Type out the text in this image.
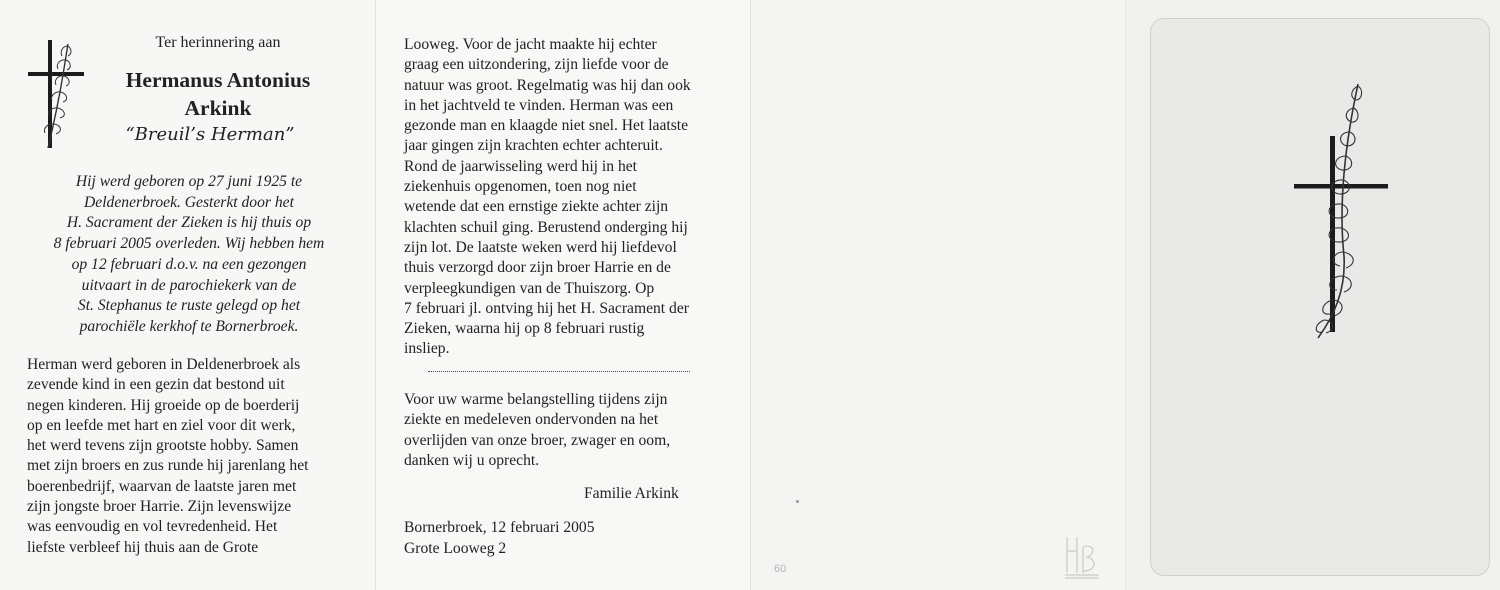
Ter herinnering aan
Hermanus Antonius
Arkink
“Breuil’s Herman”

Hij werd geboren op 27 juni 1925 te

Deldenerbroek. Gesterkt door het

H. Sacrament der Zieken is hij thuis op

8 februari 2005 overleden. Wij hebben hem

op 12 februari d.o.v. na een gezongen

uitvaart in de parochiekerk van de

St. Stephanus te ruste gelegd op het

parochiële kerkhof te Bornerbroek.

Herman werd geboren in Deldenerbroek als

zevende kind in een gezin dat bestond uit

negen kinderen. Hij groeide op de boerderij

op en leefde met hart en ziel voor dit werk,

het werd tevens zijn grootste hobby. Samen

met zijn broers en zus runde hij jarenlang het

boerenbedrijf, waarvan de laatste jaren met

zijn jongste broer Harrie. Zijn levenswijze

was eenvoudig en vol tevredenheid. Het

liefste verbleef hij thuis aan de Grote

Looweg. Voor de jacht maakte hij echter

graag een uitzondering, zijn liefde voor de

natuur was groot. Regelmatig was hij dan ook

in het jachtveld te vinden. Herman was een

gezonde man en klaagde niet snel. Het laatste

jaar gingen zijn krachten echter achteruit.

Rond de jaarwisseling werd hij in het

ziekenhuis opgenomen, toen nog niet

wetende dat een ernstige ziekte achter zijn

klachten schuil ging. Berustend onderging hij

zijn lot. De laatste weken werd hij liefdevol

thuis verzorgd door zijn broer Harrie en de

verpleegkundigen van de Thuiszorg. Op

7 februari jl. ontving hij het H. Sacrament der

Zieken, waarna hij op 8 februari rustig

insliep.

Voor uw warme belangstelling tijdens zijn

ziekte en medeleven ondervonden na het

overlijden van onze broer, zwager en oom,

danken wij u oprecht.

Familie Arkink
Bornerbroek, 12 februari 2005
Grote Looweg 2
60
